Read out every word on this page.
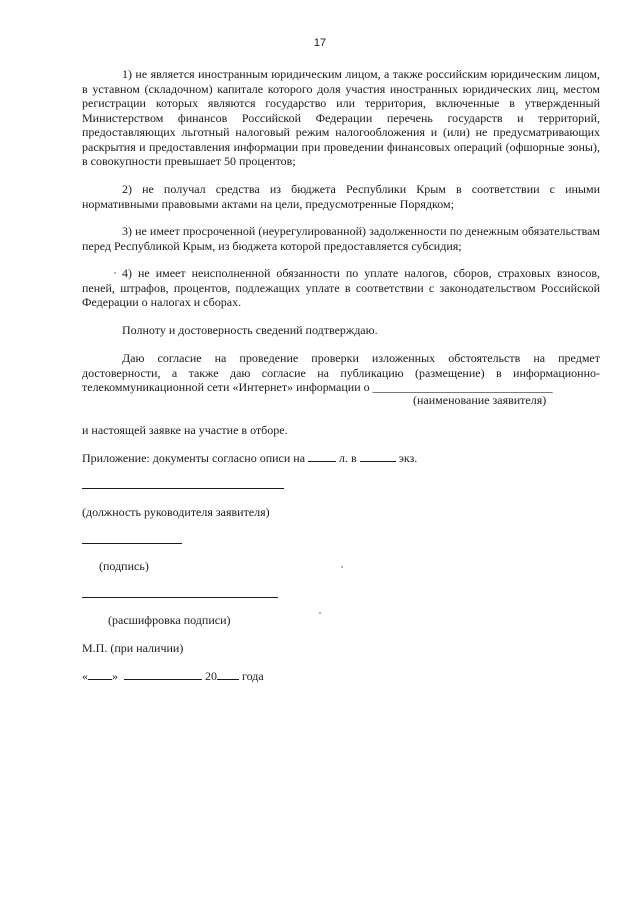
17
1) не является иностранным юридическим лицом, а также российским юридическим лицом, в уставном (складочном) капитале которого доля участия иностранных юридических лиц, местом регистрации которых являются государство или территория, включенные в утвержденный Министерством финансов Российской Федерации перечень государств и территорий, предоставляющих льготный налоговый режим налогообложения и (или) не предусматривающих раскрытия и предоставления информации при проведении финансовых операций (офшорные зоны), в совокупности превышает 50 процентов;
2) не получал средства из бюджета Республики Крым в соответствии с иными нормативными правовыми актами на цели, предусмотренные Порядком;
3) не имеет просроченной (неурегулированной) задолженности по денежным обязательствам перед Республикой Крым, из бюджета которой предоставляется субсидия;
4) не имеет неисполненной обязанности по уплате налогов, сборов, страховых взносов, пеней, штрафов, процентов, подлежащих уплате в соответствии с законодательством Российской Федерации о налогах и сборах.
Полноту и достоверность сведений подтверждаю.
Даю согласие на проведение проверки изложенных обстоятельств на предмет достоверности, а также даю согласие на публикацию (размещение) в информационно-телекоммуникационной сети «Интернет» информации о ______________________________
(наименование заявителя)
и настоящей заявке на участие в отборе.
Приложение: документы согласно описи на	л. в	экз.
(должность руководителя заявителя)
(подпись)
(расшифровка подписи)
М.П. (при наличии)
« »	20 года
